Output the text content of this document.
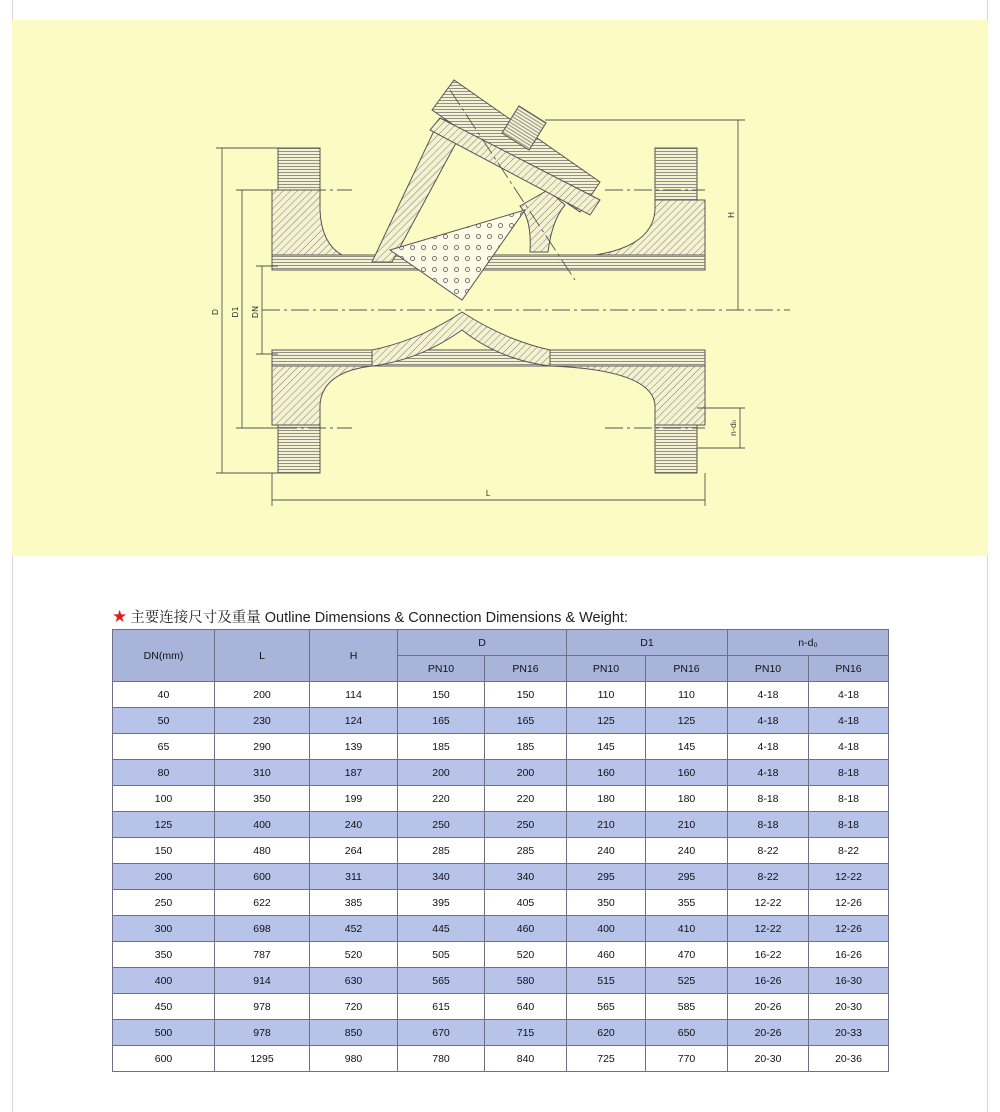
D D1 DN
H
n-d₀
L
★ 主要连接尺寸及重量 Outline Dimensions & Connection Dimensions & Weight:
DN(mm)	L	H	D		D1		n-d₀	
			PN10	PN16	PN10	PN16	PN10	PN16
40	200	114	150	150	110	110	4-18	4-18
50	230	124	165	165	125	125	4-18	4-18
65	290	139	185	185	145	145	4-18	4-18
80	310	187	200	200	160	160	4-18	8-18
100	350	199	220	220	180	180	8-18	8-18
125	400	240	250	250	210	210	8-18	8-18
150	480	264	285	285	240	240	8-22	8-22
200	600	311	340	340	295	295	8-22	12-22
250	622	385	395	405	350	355	12-22	12-26
300	698	452	445	460	400	410	12-22	12-26
350	787	520	505	520	460	470	16-22	16-26
400	914	630	565	580	515	525	16-26	16-30
450	978	720	615	640	565	585	20-26	20-30
500	978	850	670	715	620	650	20-26	20-33
600	1295	980	780	840	725	770	20-30	20-36
